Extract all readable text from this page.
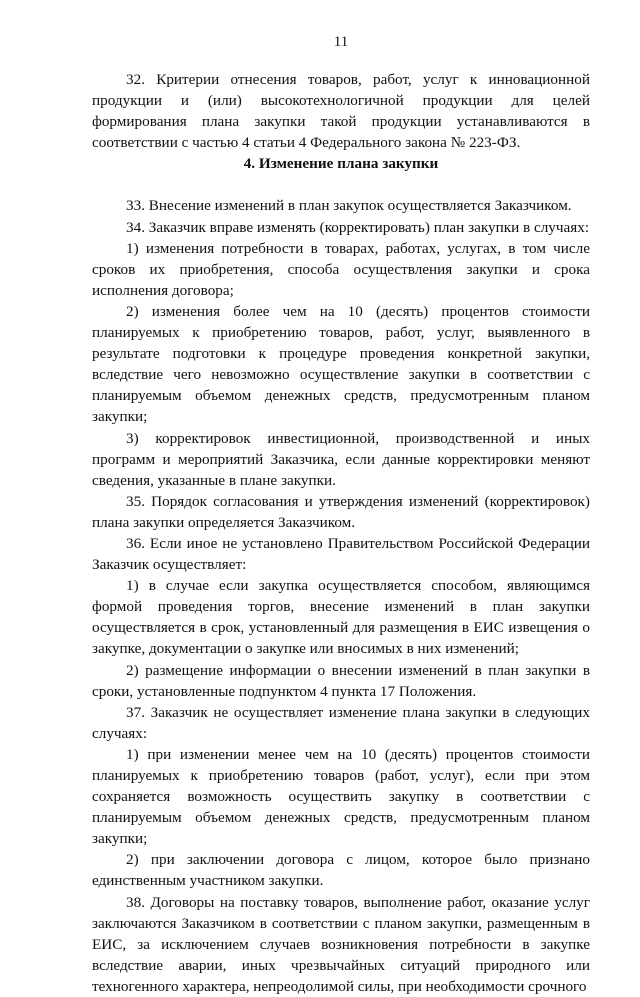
11

32. Критерии отнесения товаров, работ, услуг к инновационной продукции и (или) высокотехнологичной продукции для целей формирования плана закупки такой продукции устанавливаются в соответствии с частью 4 статьи 4 Федерального закона № 223-ФЗ.

4. Изменение плана закупки

33. Внесение изменений в план закупок осуществляется Заказчиком.

34. Заказчик вправе изменять (корректировать) план закупки в случаях:

1) изменения потребности в товарах, работах, услугах, в том числе сроков их приобретения, способа осуществления закупки и срока исполнения договора;

2) изменения более чем на 10 (десять) процентов стоимости планируемых к приобретению товаров, работ, услуг, выявленного в результате подготовки к процедуре проведения конкретной закупки, вследствие чего невозможно осуществление закупки в соответствии с планируемым объемом денежных средств, предусмотренным планом закупки;

3) корректировок инвестиционной, производственной и иных программ и мероприятий Заказчика, если данные корректировки меняют сведения, указанные в плане закупки.

35. Порядок согласования и утверждения изменений (корректировок) плана закупки определяется Заказчиком.

36. Если иное не установлено Правительством Российской Федерации Заказчик осуществляет:

1) в случае если закупка осуществляется способом, являющимся формой проведения торгов, внесение изменений в план закупки осуществляется в срок, установленный для размещения в ЕИС извещения о закупке, документации о закупке или вносимых в них изменений;

2) размещение информации о внесении изменений в план закупки в сроки, установленные подпунктом 4 пункта 17 Положения.

37. Заказчик не осуществляет изменение плана закупки в следующих случаях:

1) при изменении менее чем на 10 (десять) процентов стоимости планируемых к приобретению товаров (работ, услуг), если при этом сохраняется возможность осуществить закупку в соответствии с планируемым объемом денежных средств, предусмотренным планом закупки;

2) при заключении договора с лицом, которое было признано единственным участником закупки.

38. Договоры на поставку товаров, выполнение работ, оказание услуг заключаются Заказчиком в соответствии с планом закупки, размещенным в ЕИС, за исключением случаев возникновения потребности в закупке вследствие аварии, иных чрезвычайных ситуаций природного или техногенного характера, непреодолимой силы, при необходимости срочного
